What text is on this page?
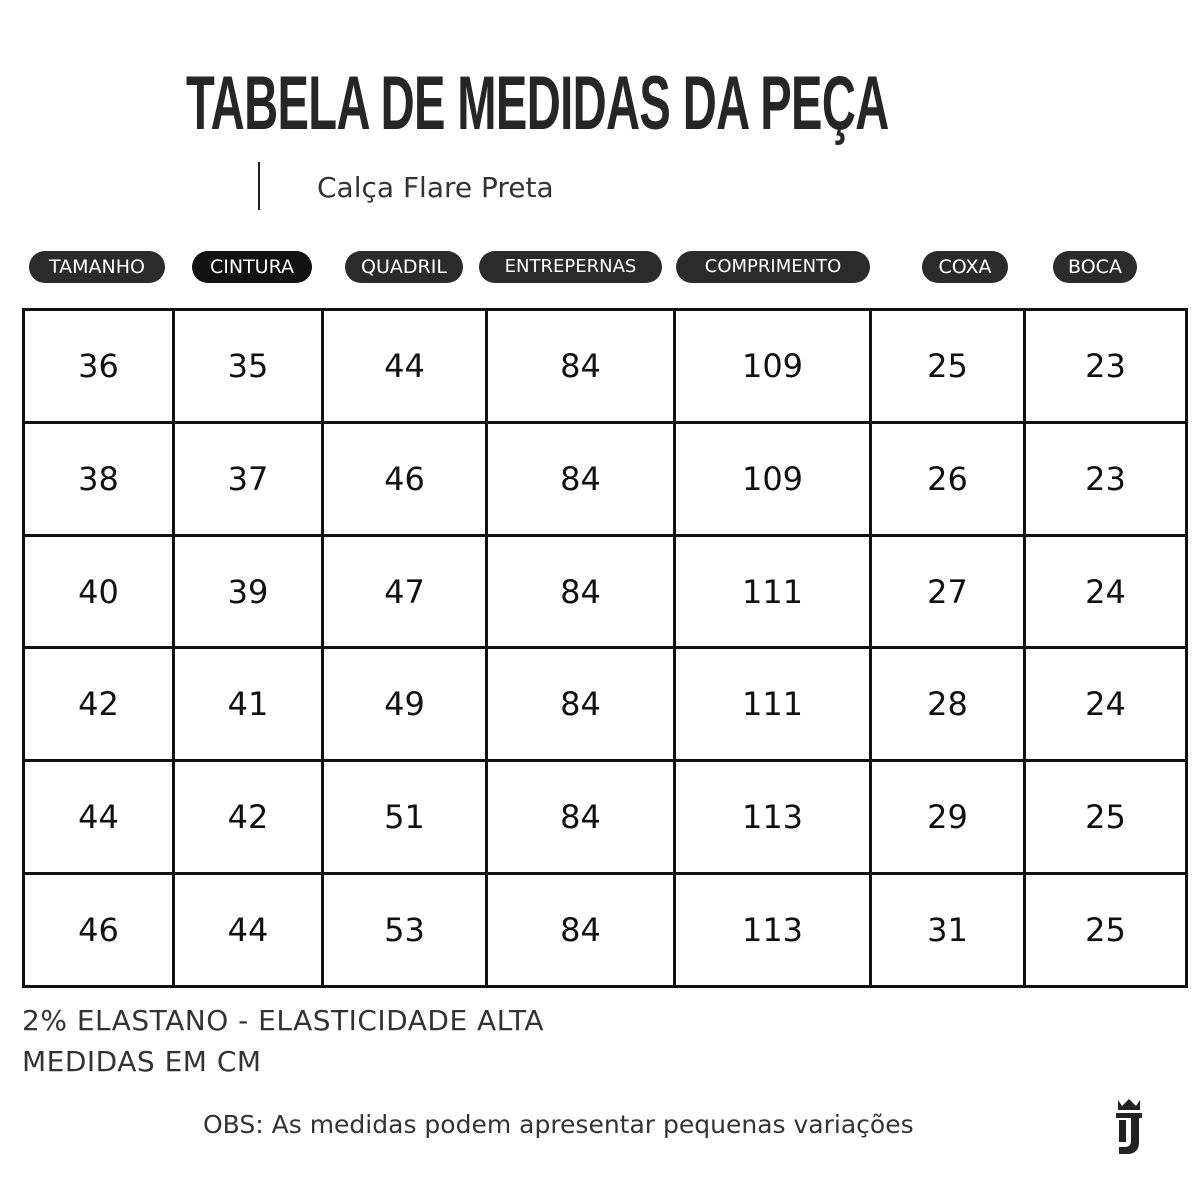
TABELA DE MEDIDAS DA PEÇA
Calça Flare Preta
TAMANHO	CINTURA	QUADRIL	ENTREPERNAS	COMPRIMENTO	COXA	BOCA
36	35	44	84	109	25	23
38	37	46	84	109	26	23
40	39	47	84	111	27	24
42	41	49	84	111	28	24
44	42	51	84	113	29	25
46	44	53	84	113	31	25
2% ELASTANO - ELASTICIDADE ALTA
MEDIDAS EM CM
OBS: As medidas podem apresentar pequenas variações
